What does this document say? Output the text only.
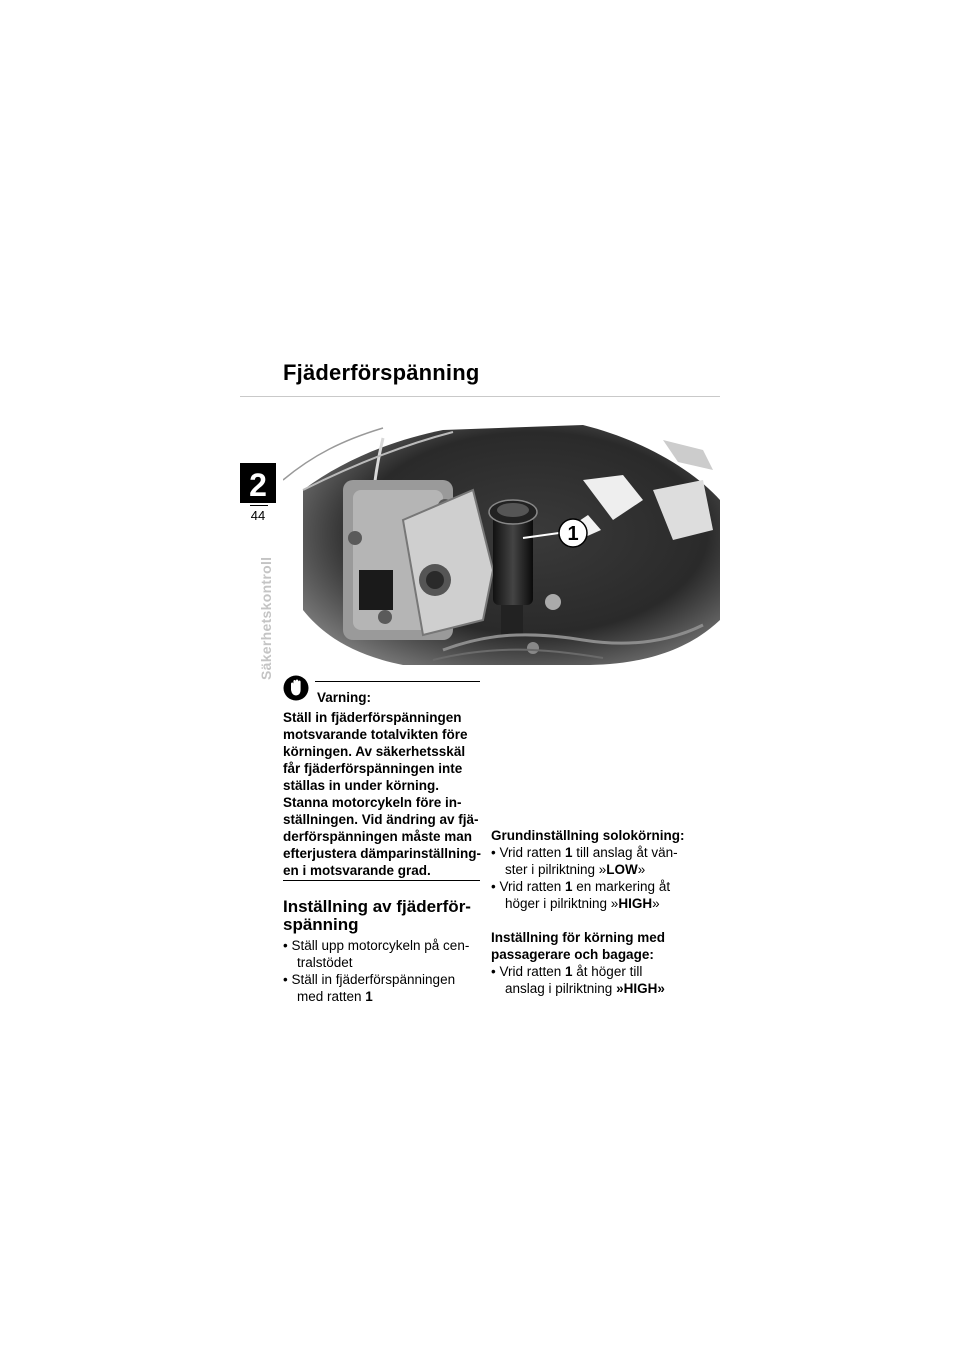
Fjäderförspänning
2
44
Säkerhetskontroll
1
Varning:
Ställ in fjäderförspänningen
motsvarande totalvikten före
körningen. Av säkerhetsskäl
får fjäderförspänningen inte
ställas in under körning.
Stanna motorcykeln före in-
ställningen. Vid ändring av fjä-
derförspänningen måste man
efterjustera dämparinställning-
en i motsvarande grad.
Inställning av fjäderför-
spänning
• Ställ upp motorcykeln på cen-
tralstödet
• Ställ in fjäderförspänningen
med ratten 1
Grundinställning solokörning:
• Vrid ratten 1 till anslag åt vän-
ster i pilriktning »LOW»
• Vrid ratten 1 en markering åt
höger i pilriktning »HIGH»
Inställning för körning med
passagerare och bagage:
• Vrid ratten 1 åt höger till
anslag i pilriktning »HIGH»
